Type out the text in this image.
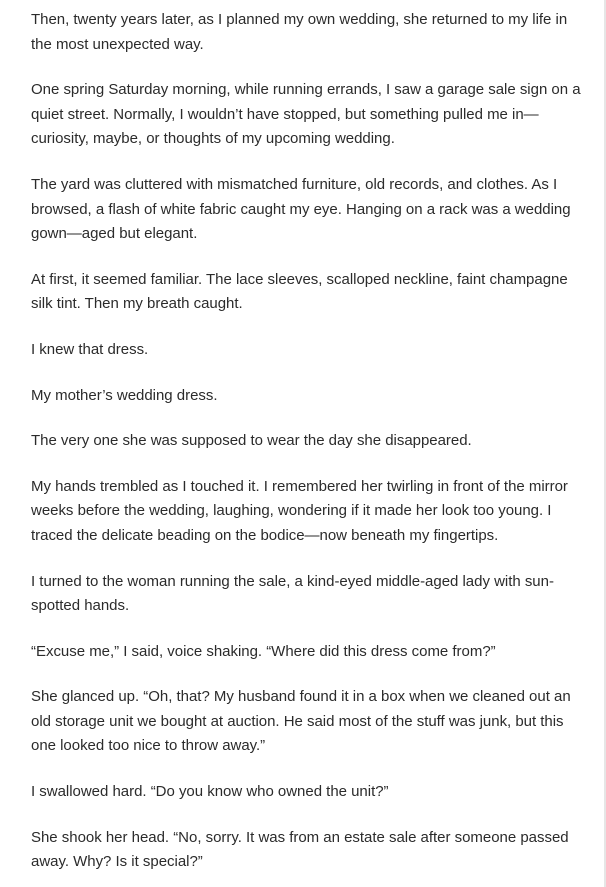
Then, twenty years later, as I planned my own wedding, she returned to my life in the most unexpected way.

One spring Saturday morning, while running errands, I saw a garage sale sign on a quiet street. Normally, I wouldn’t have stopped, but something pulled me in—curiosity, maybe, or thoughts of my upcoming wedding.

The yard was cluttered with mismatched furniture, old records, and clothes. As I browsed, a flash of white fabric caught my eye. Hanging on a rack was a wedding gown—aged but elegant.

At first, it seemed familiar. The lace sleeves, scalloped neckline, faint champagne silk tint. Then my breath caught.

I knew that dress.

My mother’s wedding dress.

The very one she was supposed to wear the day she disappeared.

My hands trembled as I touched it. I remembered her twirling in front of the mirror weeks before the wedding, laughing, wondering if it made her look too young. I traced the delicate beading on the bodice—now beneath my fingertips.

I turned to the woman running the sale, a kind-eyed middle-aged lady with sun-spotted hands.

“Excuse me,” I said, voice shaking. “Where did this dress come from?”

She glanced up. “Oh, that? My husband found it in a box when we cleaned out an old storage unit we bought at auction. He said most of the stuff was junk, but this one looked too nice to throw away.”

I swallowed hard. “Do you know who owned the unit?”

She shook her head. “No, sorry. It was from an estate sale after someone passed away. Why? Is it special?”
